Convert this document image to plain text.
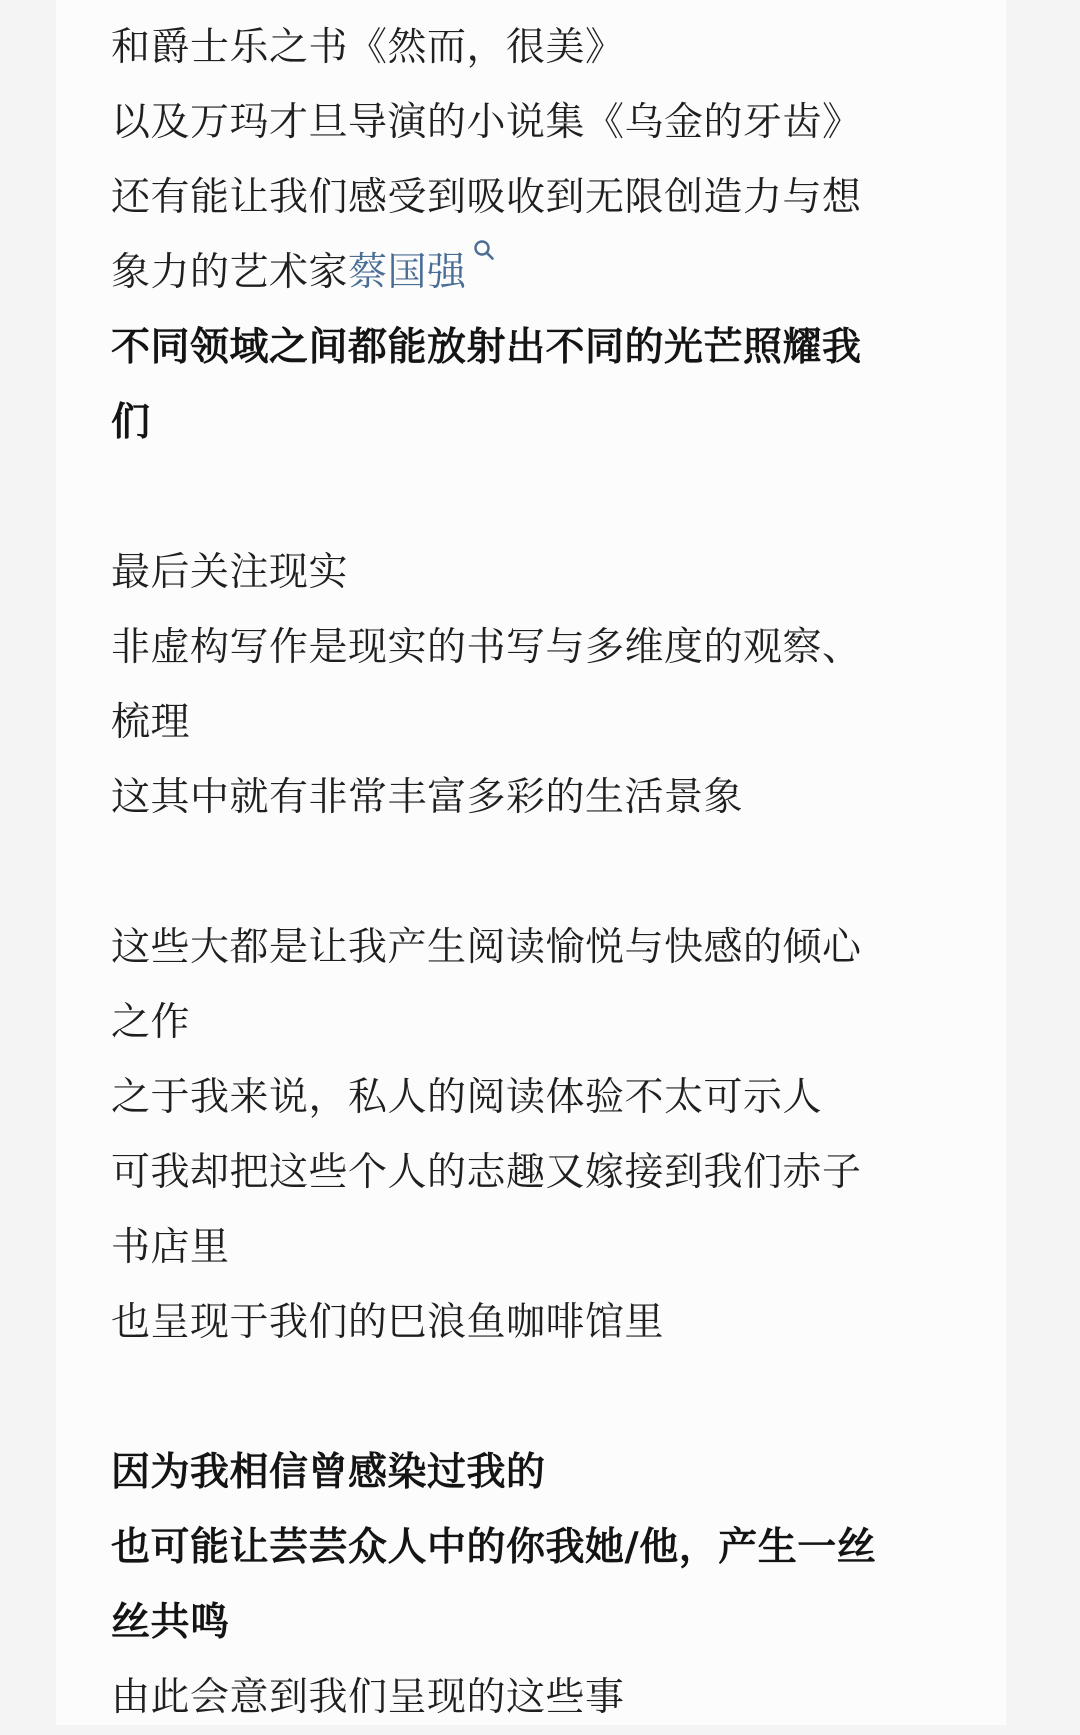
和爵士乐之书《然而，很美》
以及万玛才旦导演的小说集《乌金的牙齿》
还有能让我们感受到吸收到无限创造力与想
象力的艺术家蔡国强
不同领域之间都能放射出不同的光芒照耀我
们
最后关注现实
非虚构写作是现实的书写与多维度的观察、
梳理
这其中就有非常丰富多彩的生活景象
这些大都是让我产生阅读愉悦与快感的倾心
之作
之于我来说，私人的阅读体验不太可示人
可我却把这些个人的志趣又嫁接到我们赤子
书店里
也呈现于我们的巴浪鱼咖啡馆里
因为我相信曾感染过我的
也可能让芸芸众人中的你我她/他，产生一丝
丝共鸣
由此会意到我们呈现的这些事
